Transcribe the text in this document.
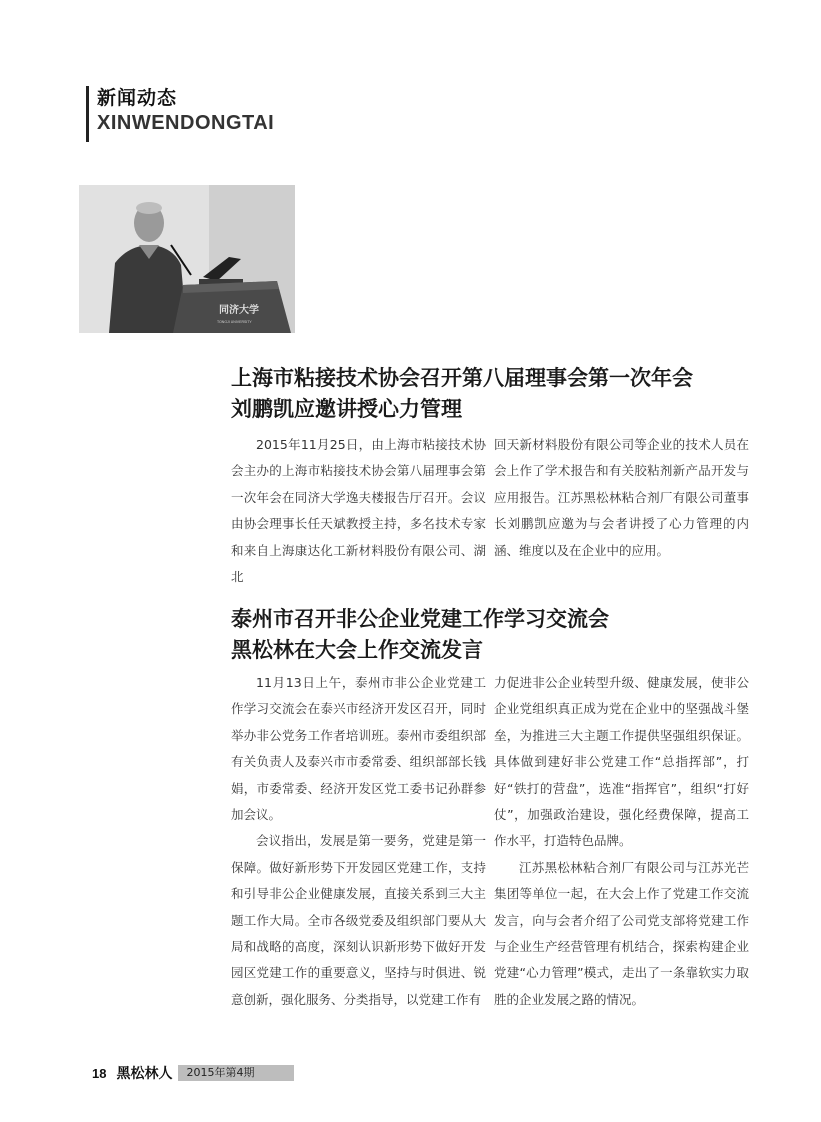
新闻动态
XINWENDONGTAI
同济大学
TONGJI UNIVERSITY
上海市粘接技术协会召开第八届理事会第一次年会
刘鹏凯应邀讲授心力管理

2015年11月25日，由上海市粘接技术协会主办的上海市粘接技术协会第八届理事会第一次年会在同济大学逸夫楼报告厅召开。会议由协会理事长任天斌教授主持，多名技术专家和来自上海康达化工新材料股份有限公司、湖北

回天新材料股份有限公司等企业的技术人员在会上作了学术报告和有关胶粘剂新产品开发与应用报告。江苏黑松林粘合剂厂有限公司董事长刘鹏凯应邀为与会者讲授了心力管理的内涵、维度以及在企业中的应用。

泰州市召开非公企业党建工作学习交流会
黑松林在大会上作交流发言

11月13日上午，泰州市非公企业党建工作学习交流会在泰兴市经济开发区召开，同时举办非公党务工作者培训班。泰州市委组织部有关负责人及泰兴市市委常委、组织部部长钱娟，市委常委、经济开发区党工委书记孙群参加会议。

会议指出，发展是第一要务，党建是第一保障。做好新形势下开发园区党建工作，支持和引导非公企业健康发展，直接关系到三大主题工作大局。全市各级党委及组织部门要从大局和战略的高度，深刻认识新形势下做好开发园区党建工作的重要意义，坚持与时俱进、锐意创新，强化服务、分类指导，以党建工作有

力促进非公企业转型升级、健康发展，使非公企业党组织真正成为党在企业中的坚强战斗堡垒，为推进三大主题工作提供坚强组织保证。具体做到建好非公党建工作“总指挥部”，打好“铁打的营盘”，选准“指挥官”，组织“打好仗”，加强政治建设，强化经费保障，提高工作水平，打造特色品牌。

江苏黑松林粘合剂厂有限公司与江苏光芒集团等单位一起，在大会上作了党建工作交流发言，向与会者介绍了公司党支部将党建工作与企业生产经营管理有机结合，探索构建企业党建“心力管理”模式，走出了一条靠软实力取胜的企业发展之路的情况。

18 黑松林人	2015年第4期
